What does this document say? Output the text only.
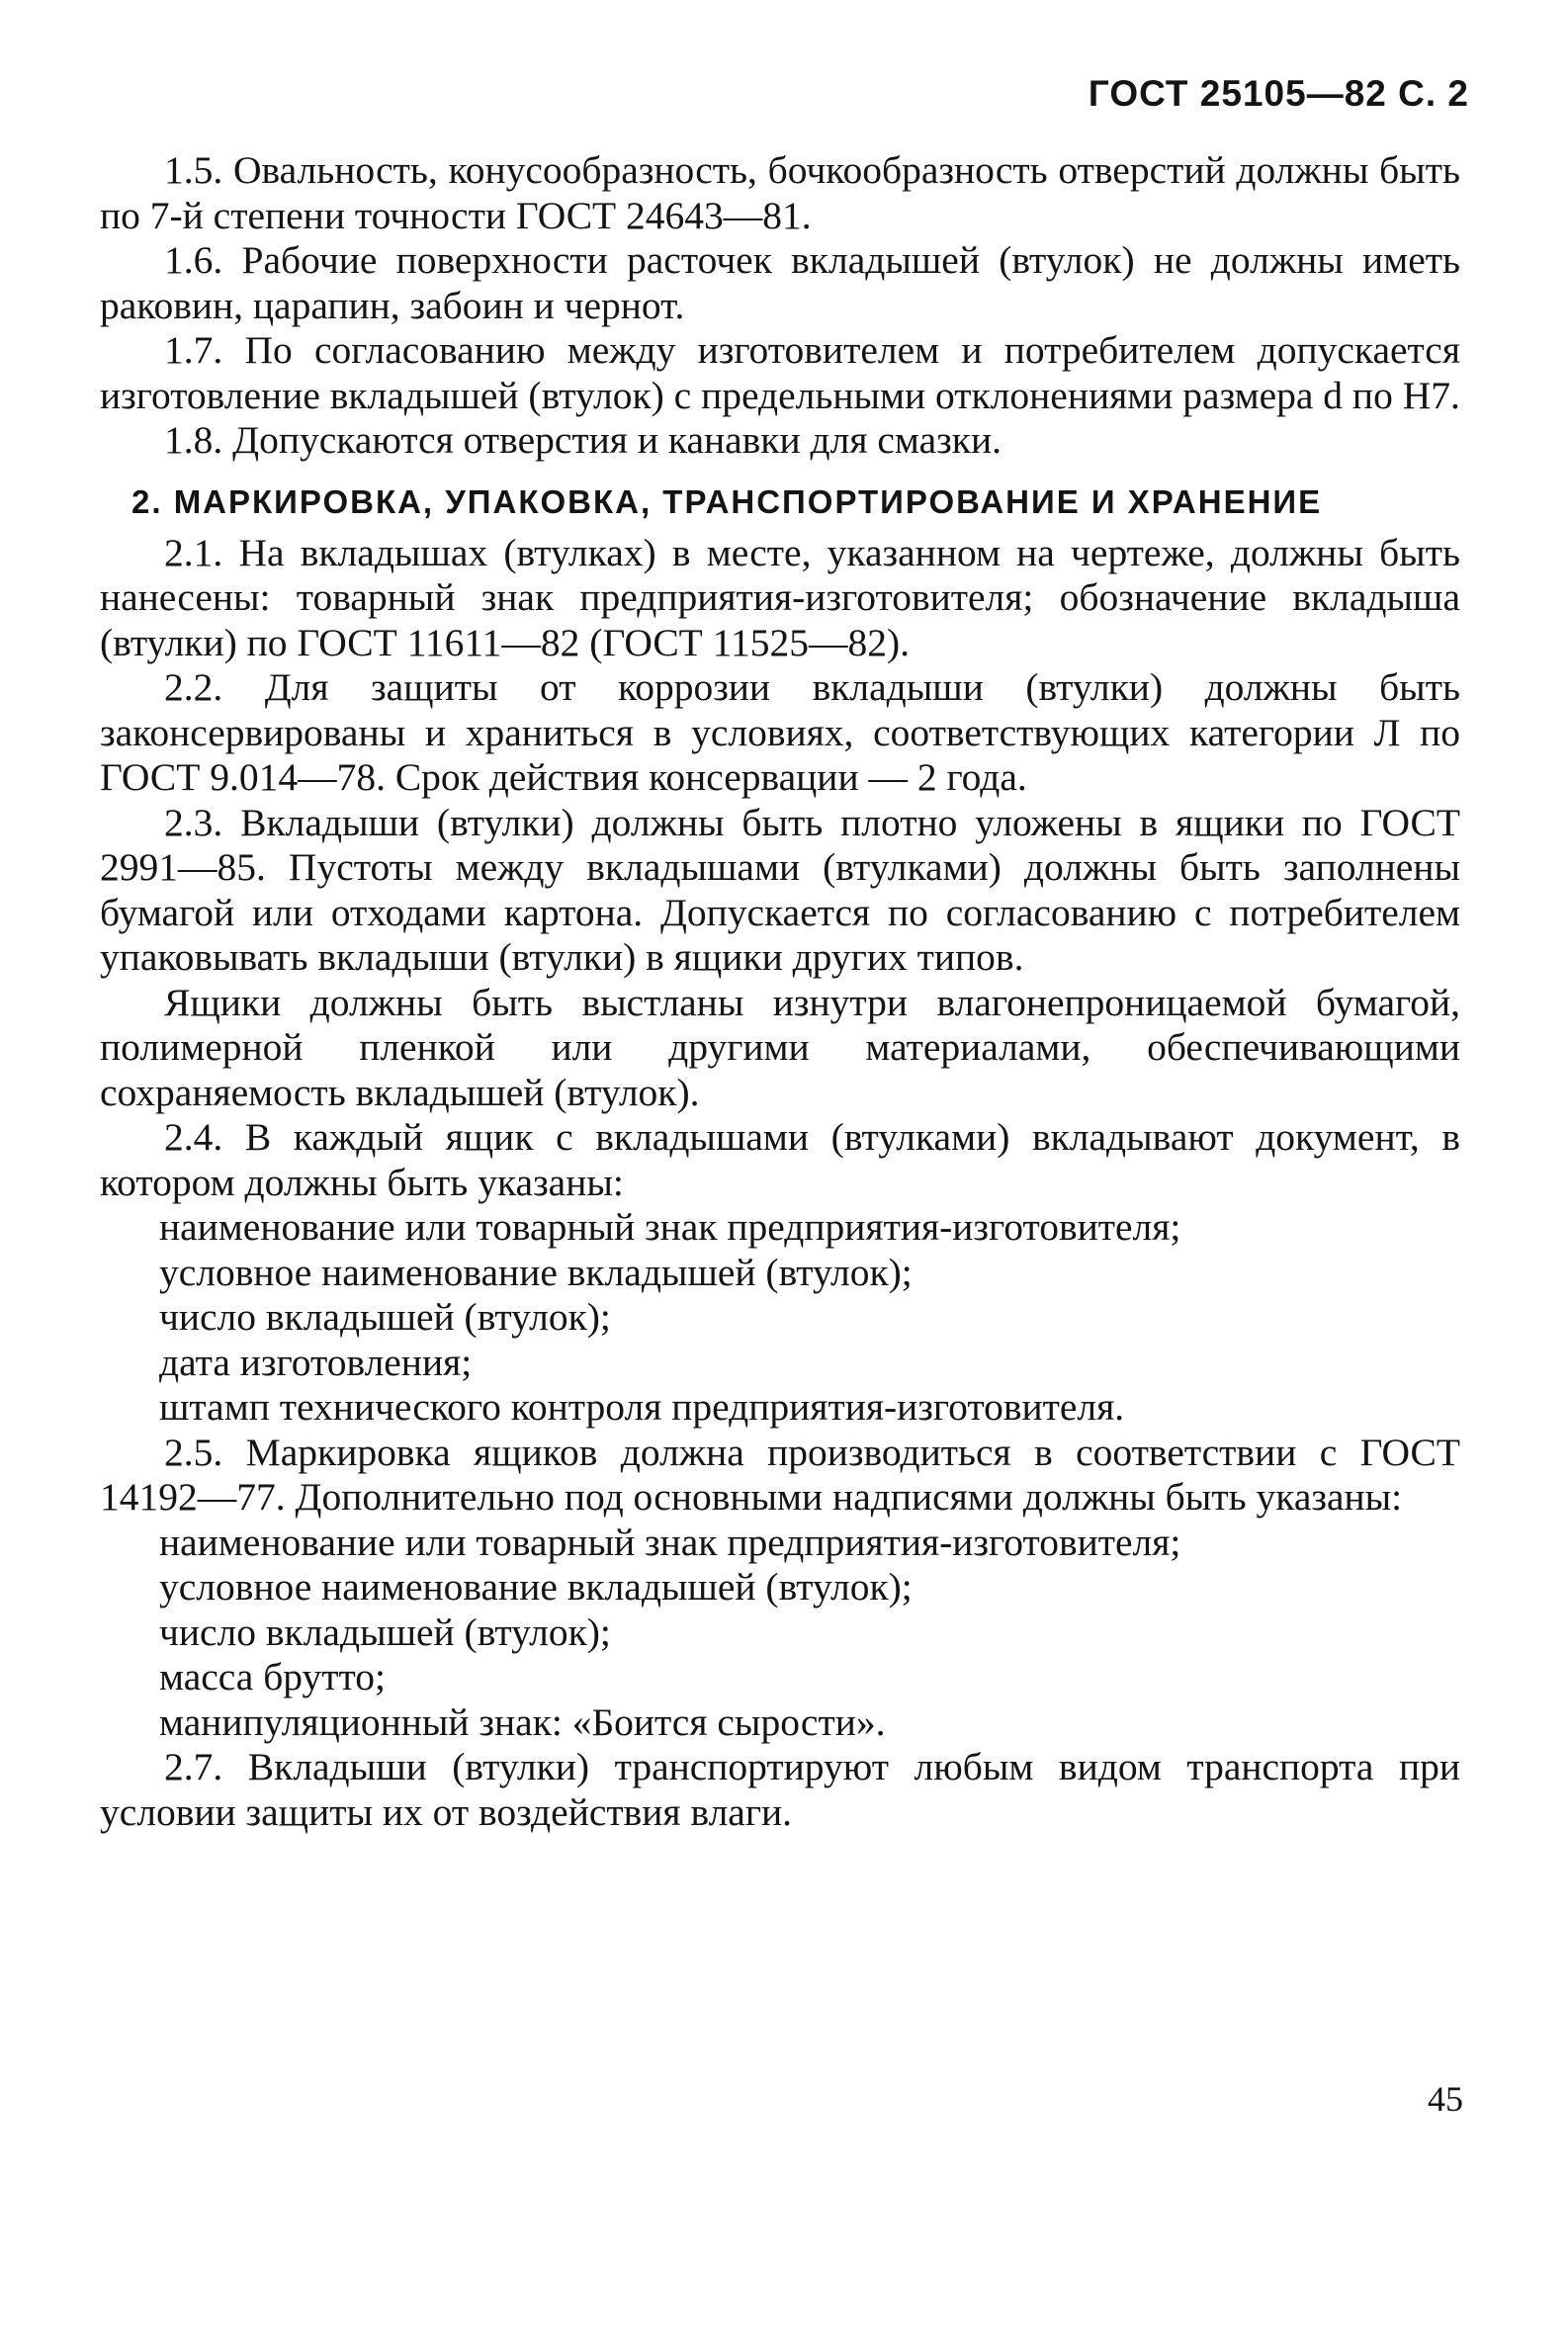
ГОСТ 25105—82 С. 2

1.5. Овальность, конусообразность, бочкообразность отверстий должны быть по 7-й степени точности ГОСТ 24643—81.

1.6. Рабочие поверхности расточек вкладышей (втулок) не должны иметь раковин, царапин, забоин и чернот.

1.7. По согласованию между изготовителем и потребителем допускается изготовление вкладышей (втулок) с предельными отклонениями размера d по H7.

1.8. Допускаются отверстия и канавки для смазки.

2. МАРКИРОВКА, УПАКОВКА, ТРАНСПОРТИРОВАНИЕ И ХРАНЕНИЕ

2.1. На вкладышах (втулках) в месте, указанном на чертеже, должны быть нанесены: товарный знак предприятия-изготовителя; обозначение вкладыша (втулки) по ГОСТ 11611—82 (ГОСТ 11525—82).

2.2. Для защиты от коррозии вкладыши (втулки) должны быть законсервированы и храниться в условиях, соответствующих категории Л по ГОСТ 9.014—78. Срок действия консервации — 2 года.

2.3. Вкладыши (втулки) должны быть плотно уложены в ящики по ГОСТ 2991—85. Пустоты между вкладышами (втулками) должны быть заполнены бумагой или отходами картона. Допускается по согласованию с потребителем упаковывать вкладыши (втулки) в ящики других типов.

Ящики должны быть выстланы изнутри влагонепроницаемой бумагой, полимерной пленкой или другими материалами, обеспечивающими сохраняемость вкладышей (втулок).

2.4. В каждый ящик с вкладышами (втулками) вкладывают документ, в котором должны быть указаны:

наименование или товарный знак предприятия-изготовителя;
условное наименование вкладышей (втулок);
число вкладышей (втулок);
дата изготовления;
штамп технического контроля предприятия-изготовителя.

2.5. Маркировка ящиков должна производиться в соответствии с ГОСТ 14192—77. Дополнительно под основными надписями должны быть указаны:

наименование или товарный знак предприятия-изготовителя;
условное наименование вкладышей (втулок);
число вкладышей (втулок);
масса брутто;
манипуляционный знак: «Боится сырости».

2.7. Вкладыши (втулки) транспортируют любым видом транспорта при условии защиты их от воздействия влаги.

45
